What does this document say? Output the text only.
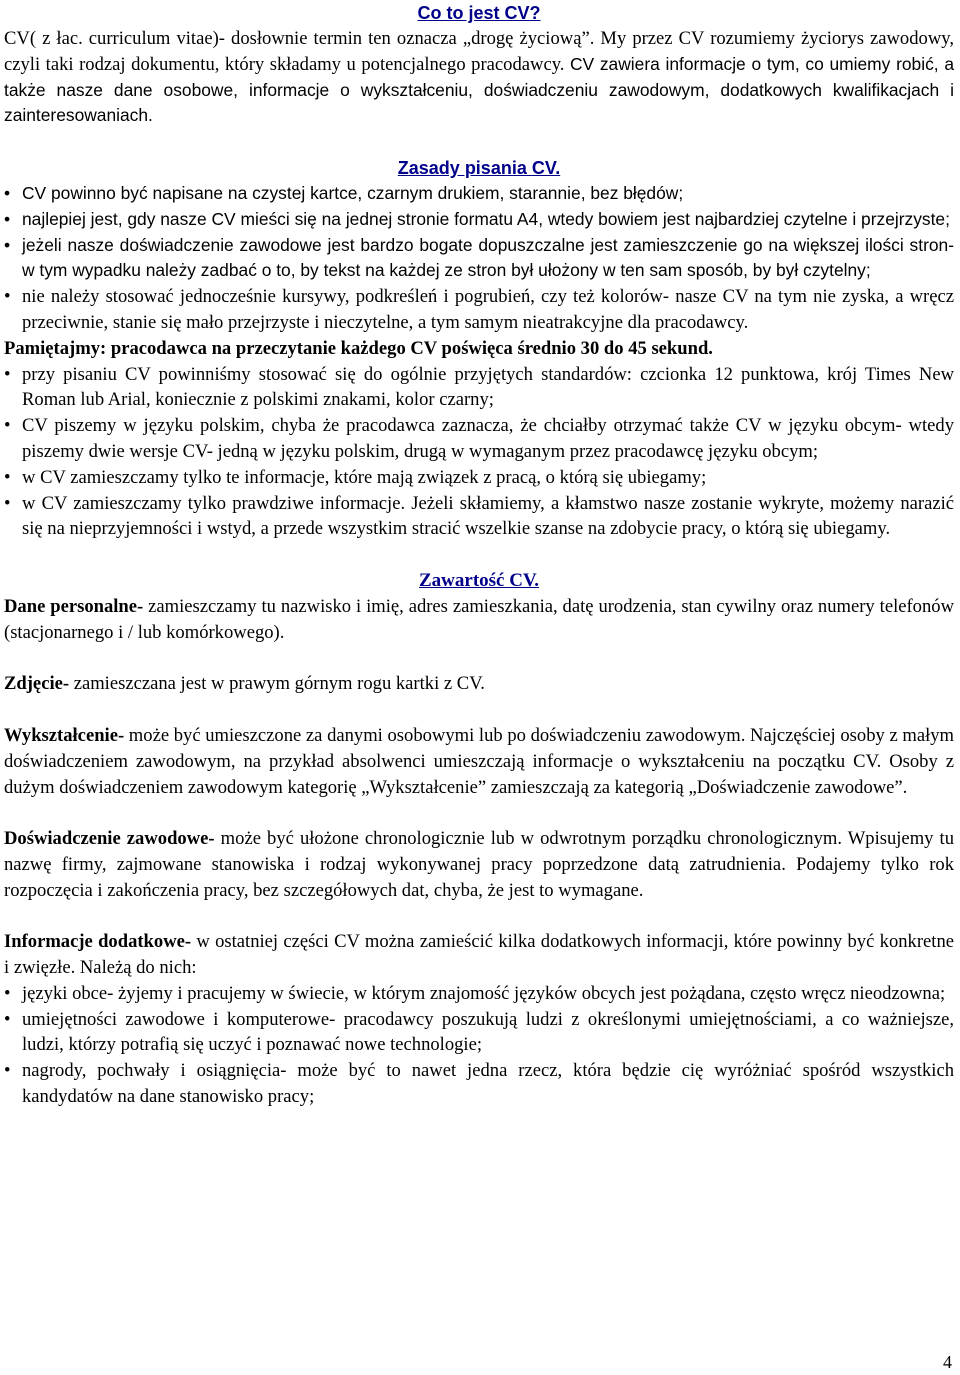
Co to jest CV?

CV( z łac. curriculum vitae)- dosłownie termin ten oznacza „drogę życiową”. My przez CV rozumiemy życiorys zawodowy, czyli taki rodzaj dokumentu, który składamy u potencjalnego pracodawcy. CV zawiera informacje o tym, co umiemy robić, a także nasze dane osobowe, informacje o wykształceniu, doświadczeniu zawodowym, dodatkowych kwalifikacjach i zainteresowaniach.

Zasady pisania CV.

• CV powinno być napisane na czystej kartce, czarnym drukiem, starannie, bez błędów;

• najlepiej jest, gdy nasze CV mieści się na jednej stronie formatu A4, wtedy bowiem jest najbardziej czytelne i przejrzyste;

• jeżeli nasze doświadczenie zawodowe jest bardzo bogate dopuszczalne jest zamieszczenie go na większej ilości stron- w tym wypadku należy zadbać o to, by tekst na każdej ze stron był ułożony w ten sam sposób, by był czytelny;

• nie należy stosować jednocześnie kursywy, podkreśleń i pogrubień, czy też kolorów- nasze CV na tym nie zyska, a wręcz przeciwnie, stanie się mało przejrzyste i nieczytelne, a tym samym nieatrakcyjne dla pracodawcy.

Pamiętajmy: pracodawca na przeczytanie każdego CV poświęca średnio 30 do 45 sekund.

• przy pisaniu CV powinniśmy stosować się do ogólnie przyjętych standardów: czcionka 12 punktowa, krój Times New Roman lub Arial, koniecznie z polskimi znakami, kolor czarny;

• CV piszemy w języku polskim, chyba że pracodawca zaznacza, że chciałby otrzymać także CV w języku obcym- wtedy piszemy dwie wersje CV- jedną w języku polskim, drugą w wymaganym przez pracodawcę języku obcym;

• w CV zamieszczamy tylko te informacje, które mają związek z pracą, o którą się ubiegamy;

• w CV zamieszczamy tylko prawdziwe informacje. Jeżeli skłamiemy, a kłamstwo nasze zostanie wykryte, możemy narazić się na nieprzyjemności i wstyd, a przede wszystkim stracić wszelkie szanse na zdobycie pracy, o którą się ubiegamy.

Zawartość CV.

Dane personalne- zamieszczamy tu nazwisko i imię, adres zamieszkania, datę urodzenia, stan cywilny oraz numery telefonów (stacjonarnego i / lub komórkowego).

Zdjęcie- zamieszczana jest w prawym górnym rogu kartki z CV.

Wykształcenie- może być umieszczone za danymi osobowymi lub po doświadczeniu zawodowym. Najczęściej osoby z małym doświadczeniem zawodowym, na przykład absolwenci umieszczają informacje o wykształceniu na początku CV. Osoby z dużym doświadczeniem zawodowym kategorię „Wykształcenie” zamieszczają za kategorią „Doświadczenie zawodowe”.

Doświadczenie zawodowe- może być ułożone chronologicznie lub w odwrotnym porządku chronologicznym. Wpisujemy tu nazwę firmy, zajmowane stanowiska i rodzaj wykonywanej pracy poprzedzone datą zatrudnienia. Podajemy tylko rok rozpoczęcia i zakończenia pracy, bez szczegółowych dat, chyba, że jest to wymagane.

Informacje dodatkowe- w ostatniej części CV można zamieścić kilka dodatkowych informacji, które powinny być konkretne i zwięzłe. Należą do nich:

• języki obce- żyjemy i pracujemy w świecie, w którym znajomość języków obcych jest pożądana, często wręcz nieodzowna;

• umiejętności zawodowe i komputerowe- pracodawcy poszukują ludzi z określonymi umiejętnościami, a co ważniejsze, ludzi, którzy potrafią się uczyć i poznawać nowe technologie;

• nagrody, pochwały i osiągnięcia- może być to nawet jedna rzecz, która będzie cię wyróżniać spośród wszystkich kandydatów na dane stanowisko pracy;

4
